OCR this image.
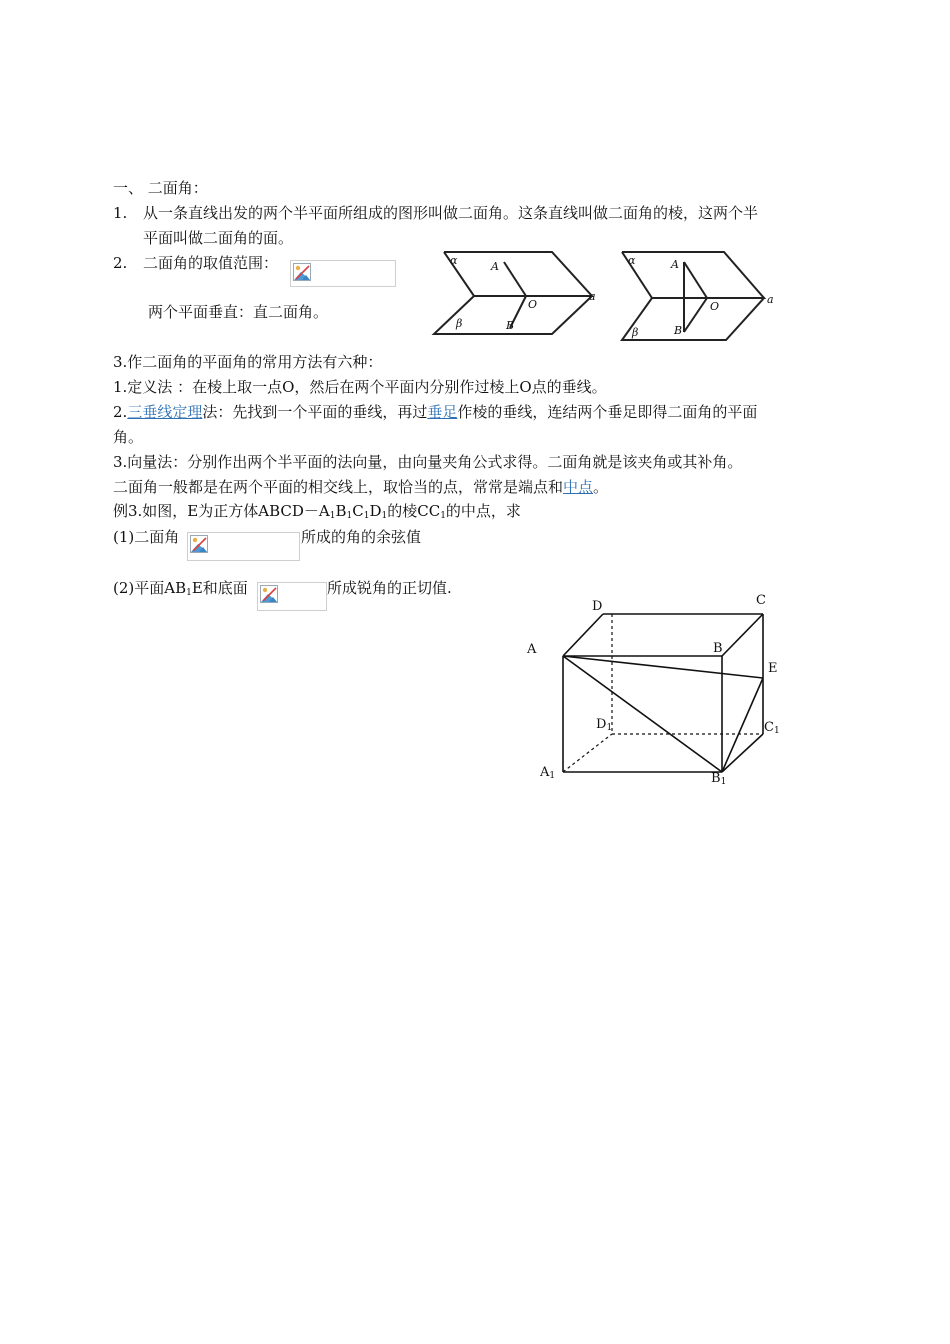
一、 二面角：
1. 从一条直线出发的两个半平面所组成的图形叫做二面角。这条直线叫做二面角的棱，这两个半
平面叫做二面角的面。
2. 二面角的取值范围：
两个平面垂直：直二面角。
α	A
O
a
β	B
α	A
O
a
β	B
3.作二面角的平面角的常用方法有六种：
1.定义法 ：在棱上取一点O，然后在两个平面内分别作过棱上O点的垂线。
2.三垂线定理法：先找到一个平面的垂线，再过垂足作棱的垂线，连结两个垂足即得二面角的平面
角。
3.向量法：分别作出两个半平面的法向量，由向量夹角公式求得。二面角就是该夹角或其补角。
二面角一般都是在两个平面的相交线上，取恰当的点，常常是端点和中点。
例3.如图，E为正方体$ABCD-A_1B_1C_1D_1$的棱$CC_1$的中点，求
(1)二面角	所成的角的余弦值
(2)平面$AB_1E$和底面	所成锐角的正切值.
D	C
A	B
E
D1	C1
A1	B1
